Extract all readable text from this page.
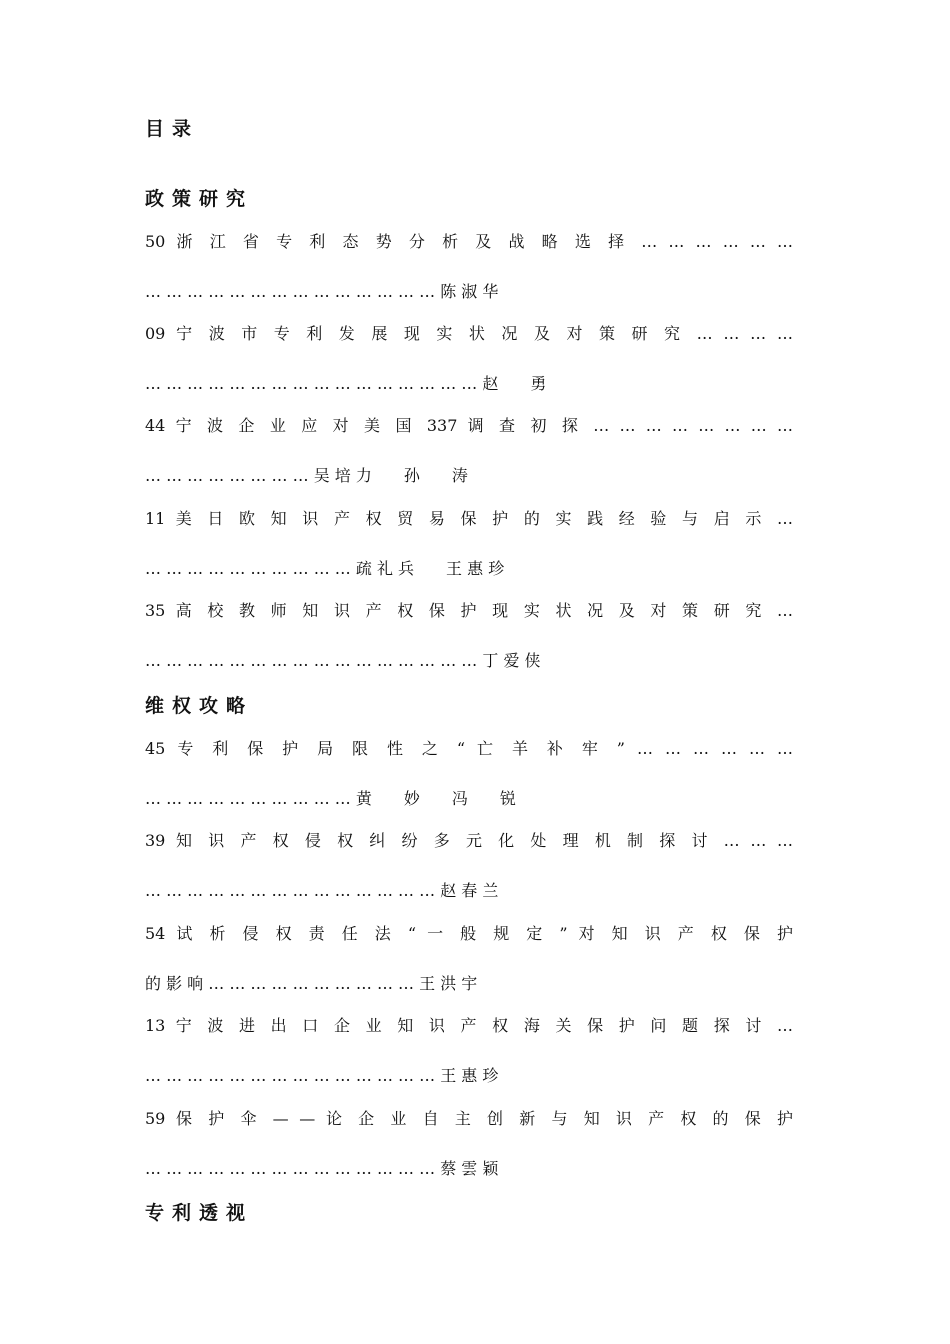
目录
政策研究
50 浙 江 省 专 利 态 势 分 析 及 战 略 选 择 … … … … … …
… … … … … … … … … … … … … … 陈 淑 华
09 宁 波 市 专 利 发 展 现 实 状 况 及 对 策 研 究 … … … …
… … … … … … … … … … … … … … … … 赵　　勇
44 宁 波 企 业 应 对 美 国 337 调 查 初 探 … … … … … … … …
… … … … … … … … 吴 培 力　　孙　　涛
11 美 日 欧 知 识 产 权 贸 易 保 护 的 实 践 经 验 与 启 示 …
… … … … … … … … … … 疏 礼 兵　　王 惠 珍
35 高 校 教 师 知 识 产 权 保 护 现 实 状 况 及 对 策 研 究 …
… … … … … … … … … … … … … … … … 丁 爱 侠
维权攻略
45 专 利 保 护 局 限 性 之 “ 亡 羊 补 牢 ” … … … … … …
… … … … … … … … … … 黄　　妙　　冯　　锐
39 知 识 产 权 侵 权 纠 纷 多 元 化 处 理 机 制 探 讨 … … …
… … … … … … … … … … … … … … 赵 春 兰
54 试 析 侵 权 责 任 法 “ 一 般 规 定 ” 对 知 识 产 权 保 护
的 影 响 … … … … … … … … … … 王 洪 宇
13 宁 波 进 出 口 企 业 知 识 产 权 海 关 保 护 问 题 探 讨 …
… … … … … … … … … … … … … … 王 惠 珍
59 保 护 伞 — — 论 企 业 自 主 创 新 与 知 识 产 权 的 保 护
… … … … … … … … … … … … … … 蔡 雲 颖
专利透视
